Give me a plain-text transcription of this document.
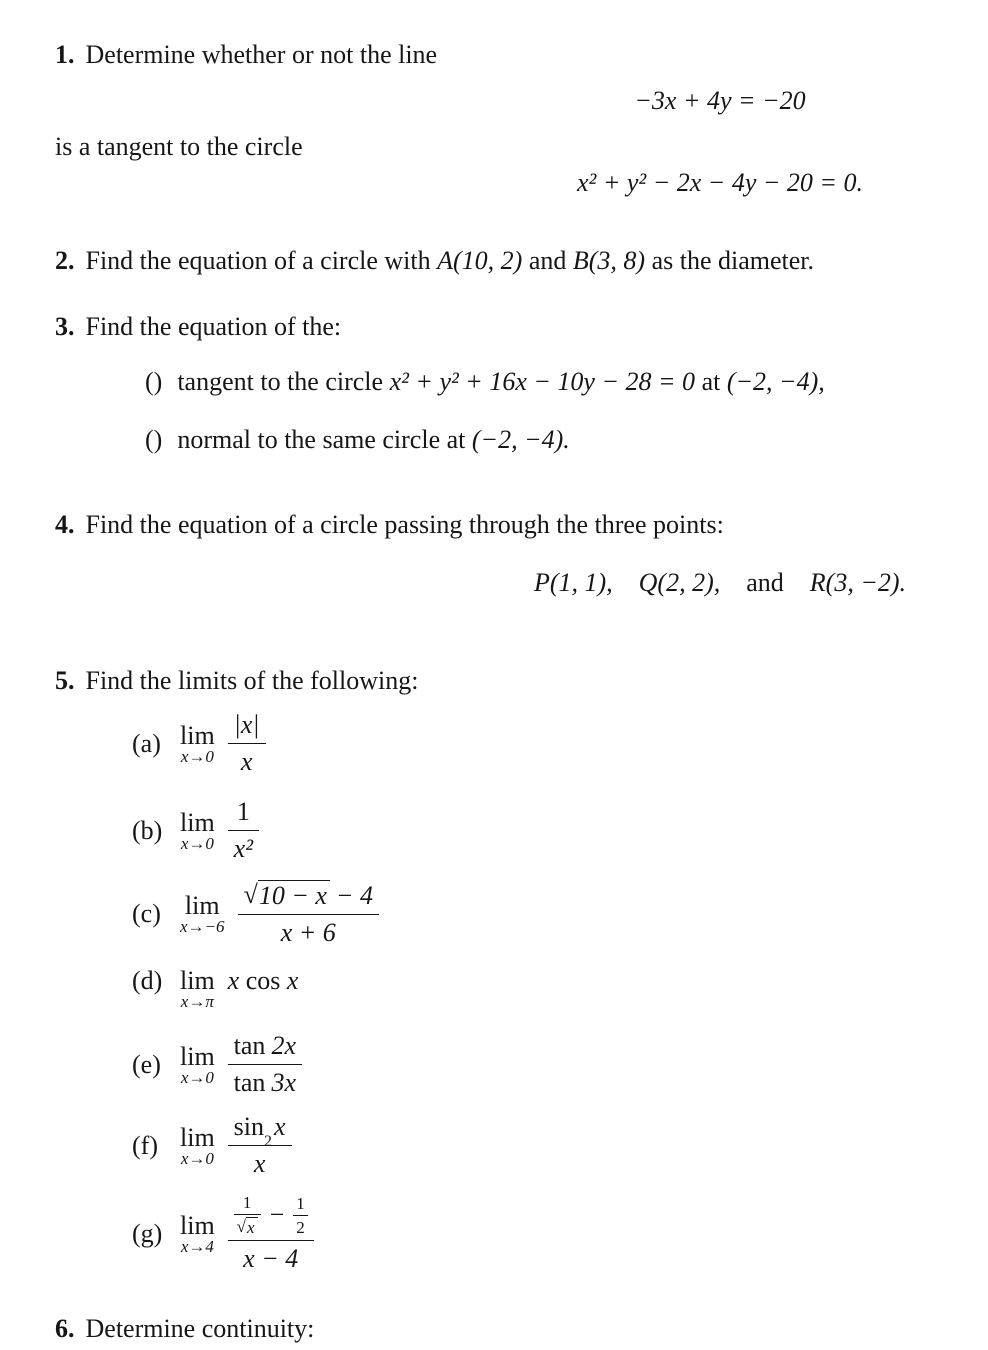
1. Determine whether or not the line
−3x + 4y = −20
is a tangent to the circle
x² + y² − 2x − 4y − 20 = 0.
2. Find the equation of a circle with A(10, 2) and B(3, 8) as the diameter.
3. Find the equation of the:
() tangent to the circle x² + y² + 16x − 10y − 28 = 0 at (−2, −4),
() normal to the same circle at (−2, −4).
4. Find the equation of a circle passing through the three points:
P(1, 1), Q(2, 2), and R(3, −2).
5. Find the limits of the following:
(a) lim
$x\to 0 \frac{|x|}{x}$
(b) lim
$x\to 0 \frac{1}{\text{x²}}$
(c) lim
$x\to-6 \frac{√ 10 - x - 4}{x + 6}$
(d) lim
x→π
x cos x
(e) lim
$x\to 0 \frac{\tan 2x}{\tan 3x}$
(f) lim
x→0 sin
2
x
x
(g) lim
x→4
$\frac{1}{√ x} - \frac{1}{2}$
x − 4
6. Determine continuity:
